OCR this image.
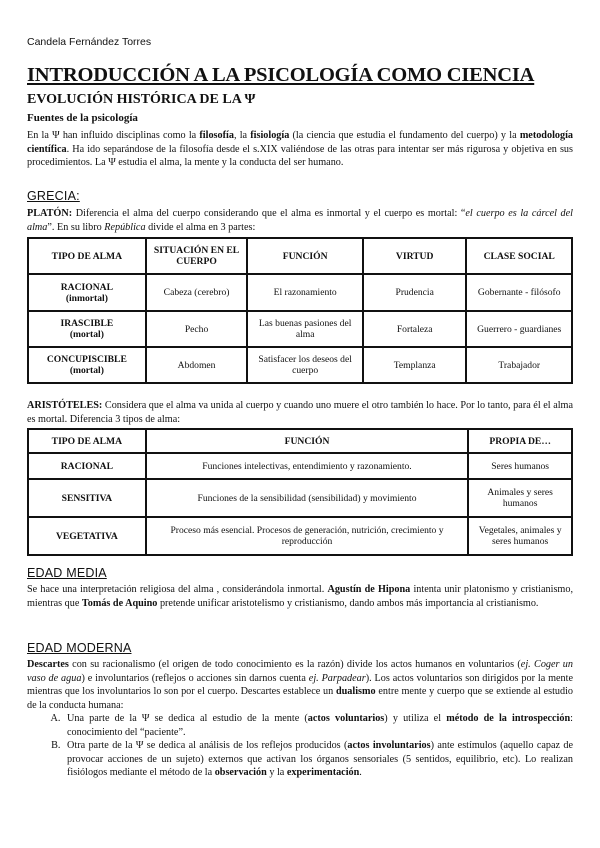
Candela Fernández Torres
INTRODUCCIÓN A LA PSICOLOGÍA COMO CIENCIA
EVOLUCIÓN HISTÓRICA DE LA Ψ
Fuentes de la psicología

En la Ψ han influido disciplinas como la filosofía, la fisiología (la ciencia que estudia el fundamento del cuerpo) y la metodología científica. Ha ido separándose de la filosofía desde el s.XIX valiéndose de las otras para intentar ser más rigurosa y objetiva en sus procedimientos. La Ψ estudia el alma, la mente y la conducta del ser humano.

GRECIA:

PLATÓN: Diferencia el alma del cuerpo considerando que el alma es inmortal y el cuerpo es mortal: “el cuerpo es la cárcel del alma”. En su libro República divide el alma en 3 partes:

TIPO DE ALMA	SITUACIÓN EN EL CUERPO	FUNCIÓN	VIRTUD	CLASE SOCIAL
RACIONAL
(inmortal)	Cabeza (cerebro)	El razonamiento	Prudencia	Gobernante - filósofo
IRASCIBLE
(mortal)	Pecho	Las buenas pasiones del alma	Fortaleza	Guerrero - guardianes
CONCUPISCIBLE
(mortal)	Abdomen	Satisfacer los deseos del cuerpo	Templanza	Trabajador

ARISTÓTELES: Considera que el alma va unida al cuerpo y cuando uno muere el otro también lo hace. Por lo tanto, para él el alma es mortal. Diferencia 3 tipos de alma:

TIPO DE ALMA	FUNCIÓN	PROPIA DE…
RACIONAL	Funciones intelectivas, entendimiento y razonamiento.	Seres humanos
SENSITIVA	Funciones de la sensibilidad (sensibilidad) y movimiento	Animales y seres humanos
VEGETATIVA	Proceso más esencial. Procesos de generación, nutrición, crecimiento y reproducción	Vegetales, animales y seres humanos
EDAD MEDIA

Se hace una interpretación religiosa del alma , considerándola inmortal. Agustín de Hipona intenta unir platonismo y cristianismo, mientras que Tomás de Aquino pretende unificar aristotelismo y cristianismo, dando ambos más importancia al cristianismo.

EDAD MODERNA

Descartes con su racionalismo (el origen de todo conocimiento es la razón) divide los actos humanos en voluntarios (ej. Coger un vaso de agua) e involuntarios (reflejos o acciones sin darnos cuenta ej. Parpadear). Los actos voluntarios son dirigidos por la mente mientras que los involuntarios lo son por el cuerpo. Descartes establece un dualismo entre mente y cuerpo que se extiende al estudio de la conducta humana:

A. Una parte de la Ψ se dedica al estudio de la mente (actos voluntarios) y utiliza el método de la introspección: conocimiento del “paciente”.
B. Otra parte de la Ψ se dedica al análisis de los reflejos producidos (actos involuntarios) ante estímulos (aquello capaz de provocar acciones de un sujeto) externos que activan los órganos sensoriales (5 sentidos, equilibrio, etc). Lo realizan fisiólogos mediante el método de la observación y la experimentación.
